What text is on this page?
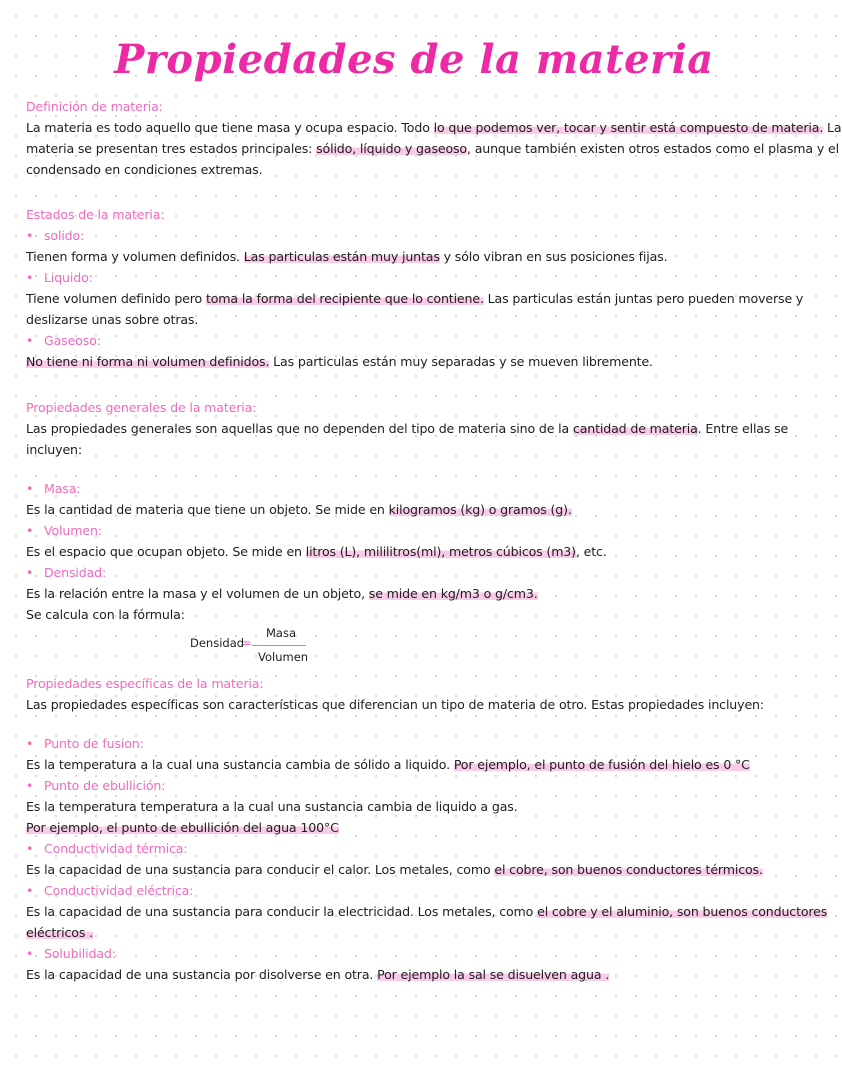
Propiedades de la materia
Definición de materia:
La materia es todo aquello que tiene masa y ocupa espacio. Todo lo que podemos ver, tocar y sentir está compuesto de materia. La
materia se presentan tres estados principales: sólido, líquido y gaseoso, aunque también existen otros estados como el plasma y el
condensado en condiciones extremas.
Estados de la materia:
• solido:
Tienen forma y volumen definidos. Las particulas están muy juntas y sólo vibran en sus posiciones fijas.
• Liquido:
Tiene volumen definido pero toma la forma del recipiente que lo contiene. Las particulas están juntas pero pueden moverse y
deslizarse unas sobre otras.
• Gaseoso:
No tiene ni forma ni volumen definidos. Las particulas están muy separadas y se mueven libremente.
Propiedades generales de la materia:
Las propiedades generales son aquellas que no dependen del tipo de materia sino de la cantidad de materia. Entre ellas se
incluyen:
• Masa:
Es la cantidad de materia que tiene un objeto. Se mide en kilogramos (kg) o gramos (g).
• Volumen:
Es el espacio que ocupan objeto. Se mide en litros (L), mililitros(ml), metros cúbicos (m3), etc.
• Densidad:
Es la relación entre la masa y el volumen de un objeto, se mide en kg/m3 o g/cm3.
Se calcula con la fórmula:
Densidad
=
Masa
Volumen
Propiedades específicas de la materia:
Las propiedades específicas son características que diferencian un tipo de materia de otro. Estas propiedades incluyen:
• Punto de fusion:
Es la temperatura a la cual una sustancia cambia de sólido a liquido. Por ejemplo, el punto de fusión del hielo es 0 °C
• Punto de ebullición:
Es la temperatura temperatura a la cual una sustancia cambia de liquido a gas.
Por ejemplo, el punto de ebullición del agua 100°C
• Conductividad térmica:
Es la capacidad de una sustancia para conducir el calor. Los metales, como el cobre, son buenos conductores térmicos.
• Conductividad eléctrica:
Es la capacidad de una sustancia para conducir la electricidad. Los metales, como el cobre y el aluminio, son buenos conductores
eléctricos .
• Solubilidad:
Es la capacidad de una sustancia por disolverse en otra. Por ejemplo la sal se disuelven agua .
